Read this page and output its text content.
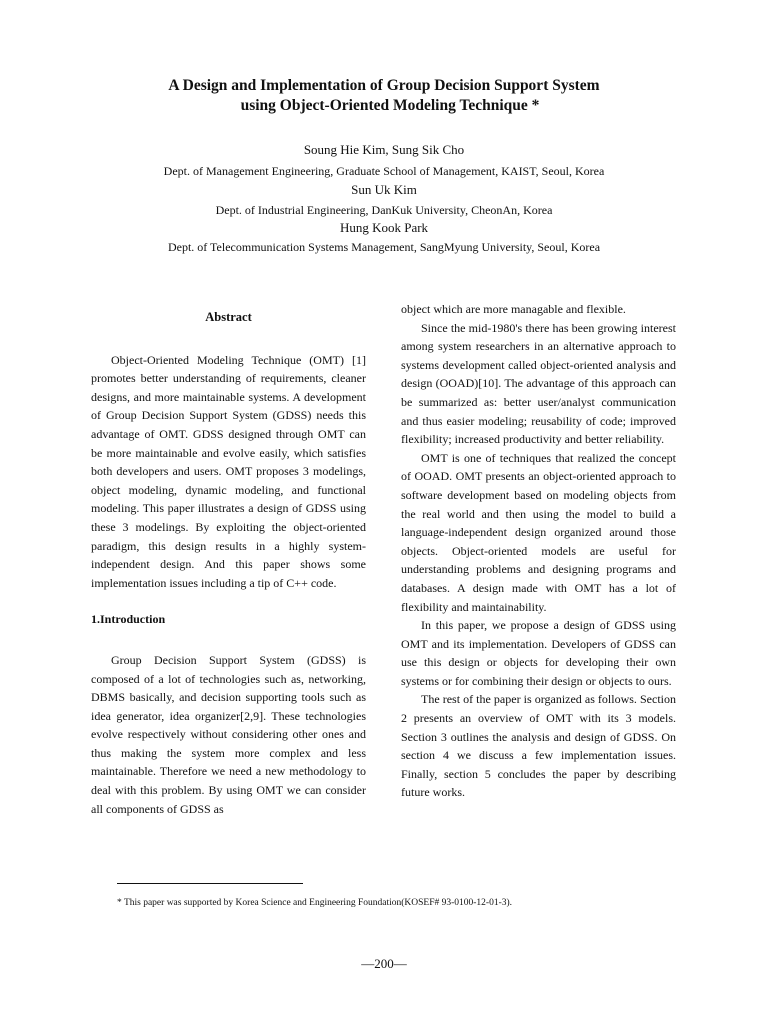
A Design and Implementation of Group Decision Support System
using Object-Oriented Modeling Technique *
Soung Hie Kim, Sung Sik Cho
Dept. of Management Engineering, Graduate School of Management, KAIST, Seoul, Korea
Sun Uk Kim
Dept. of Industrial Engineering, DanKuk University, CheonAn, Korea
Hung Kook Park
Dept. of Telecommunication Systems Management, SangMyung University, Seoul, Korea

Abstract

Object-Oriented Modeling Technique (OMT) [1] promotes better understanding of requirements, cleaner designs, and more maintainable systems. A development of Group Decision Support System (GDSS) needs this advantage of OMT. GDSS designed through OMT can be more maintainable and evolve easily, which satisfies both developers and users. OMT proposes 3 modelings, object modeling, dynamic modeling, and functional modeling. This paper illustrates a design of GDSS using these 3 modelings. By exploiting the object-oriented paradigm, this design results in a highly system-independent design. And this paper shows some implementation issues including a tip of C++ code.

1.Introduction

Group Decision Support System (GDSS) is composed of a lot of technologies such as, networking, DBMS basically, and decision supporting tools such as idea generator, idea organizer[2,9]. These technologies evolve respectively without considering other ones and thus making the system more complex and less maintainable. Therefore we need a new methodology to deal with this problem. By using OMT we can consider all components of GDSS as

object which are more managable and flexible.

Since the mid-1980's there has been growing interest among system researchers in an alternative approach to systems development called object-oriented analysis and design (OOAD)[10]. The advantage of this approach can be summarized as: better user/analyst communication and thus easier modeling; reusability of code; improved flexibility; increased productivity and better reliability.

OMT is one of techniques that realized the concept of OOAD. OMT presents an object-oriented approach to software development based on modeling objects from the real world and then using the model to build a language-independent design organized around those objects. Object-oriented models are useful for understanding problems and designing programs and databases. A design made with OMT has a lot of flexibility and maintainability.

In this paper, we propose a design of GDSS using OMT and its implementation. Developers of GDSS can use this design or objects for developing their own systems or for combining their design or objects to ours.

The rest of the paper is organized as follows. Section 2 presents an overview of OMT with its 3 models. Section 3 outlines the analysis and design of GDSS. On section 4 we discuss a few implementation issues. Finally, section 5 concludes the paper by describing future works.

* This paper was supported by Korea Science and Engineering Foundation(KOSEF# 93-0100-12-01-3).
—200—
